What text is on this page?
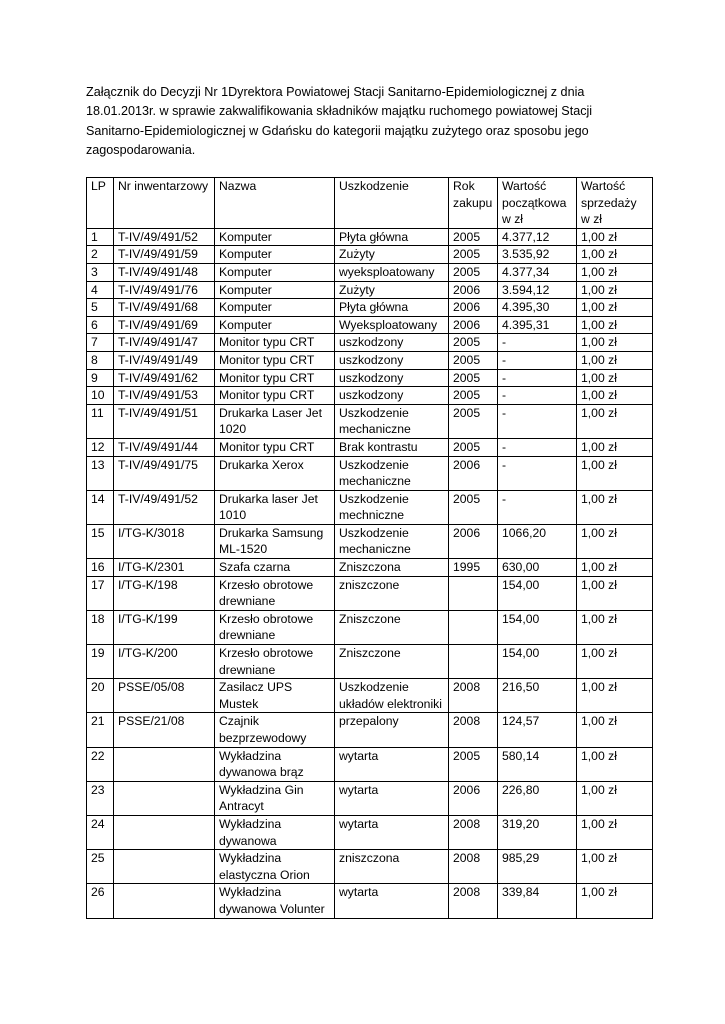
Załącznik do Decyzji Nr 1Dyrektora Powiatowej Stacji Sanitarno-Epidemiologicznej z dnia 18.01.2013r. w sprawie zakwalifikowania składników majątku ruchomego powiatowej Stacji Sanitarno-Epidemiologicznej w Gdańsku do kategorii majątku zużytego oraz sposobu jego zagospodarowania.

LP	Nr inwentarzowy	Nazwa	Uszkodzenie	Rok zakupu	Wartość początkowa w zł	Wartość sprzedaży w zł
1	T-IV/49/491/52	Komputer	Płyta główna	2005	4.377,12	1,00 zł
2	T-IV/49/491/59	Komputer	Zużyty	2005	3.535,92	1,00 zł
3	T-IV/49/491/48	Komputer	wyeksploatowany	2005	4.377,34	1,00 zł
4	T-IV/49/491/76	Komputer	Zużyty	2006	3.594,12	1,00 zł
5	T-IV/49/491/68	Komputer	Płyta główna	2006	4.395,30	1,00 zł
6	T-IV/49/491/69	Komputer	Wyeksploatowany	2006	4.395,31	1,00 zł
7	T-IV/49/491/47	Monitor typu CRT	uszkodzony	2005	-	1,00 zł
8	T-IV/49/491/49	Monitor typu CRT	uszkodzony	2005	-	1,00 zł
9	T-IV/49/491/62	Monitor typu CRT	uszkodzony	2005	-	1,00 zł
10	T-IV/49/491/53	Monitor typu CRT	uszkodzony	2005	-	1,00 zł
11	T-IV/49/491/51	Drukarka Laser Jet 1020	Uszkodzenie mechaniczne	2005	-	1,00 zł
12	T-IV/49/491/44	Monitor typu CRT	Brak kontrastu	2005	-	1,00 zł
13	T-IV/49/491/75	Drukarka Xerox	Uszkodzenie mechaniczne	2006	-	1,00 zł
14	T-IV/49/491/52	Drukarka laser Jet 1010	Uszkodzenie mechniczne	2005	-	1,00 zł
15	I/TG-K/3018	Drukarka Samsung ML-1520	Uszkodzenie mechaniczne	2006	1066,20	1,00 zł
16	I/TG-K/2301	Szafa czarna	Zniszczona	1995	630,00	1,00 zł
17	I/TG-K/198	Krzesło obrotowe drewniane	zniszczone		154,00	1,00 zł
18	I/TG-K/199	Krzesło obrotowe drewniane	Zniszczone		154,00	1,00 zł
19	I/TG-K/200	Krzesło obrotowe drewniane	Zniszczone		154,00	1,00 zł
20	PSSE/05/08	Zasilacz UPS Mustek	Uszkodzenie układów elektroniki	2008	216,50	1,00 zł
21	PSSE/21/08	Czajnik bezprzewodowy	przepalony	2008	124,57	1,00 zł
22		Wykładzina dywanowa brąz	wytarta	2005	580,14	1,00 zł
23		Wykładzina Gin Antracyt	wytarta	2006	226,80	1,00 zł
24		Wykładzina dywanowa	wytarta	2008	319,20	1,00 zł
25		Wykładzina elastyczna Orion	zniszczona	2008	985,29	1,00 zł
26		Wykładzina dywanowa Volunter	wytarta	2008	339,84	1,00 zł
